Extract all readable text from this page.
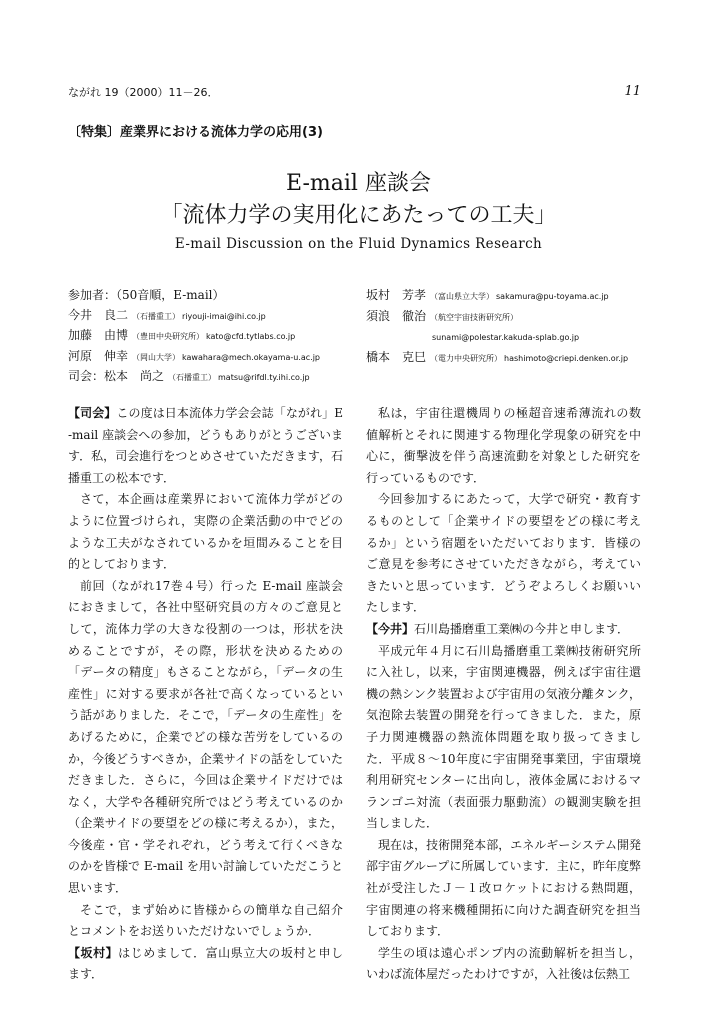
ながれ 19（2000）11－26．	11
〔特集〕産業界における流体力学の応用(3)
E-mail 座談会
「流体力学の実用化にあたっての工夫」
E-mail Discussion on the Fluid Dynamics Research
参加者：（50音順，E-mail）
今井　良二 （石播重工） riyouji-imai@ihi.co.jp
加藤　由博 （豊田中央研究所） kato@cfd.tytlabs.co.jp
河原　伸幸 （岡山大学） kawahara@mech.okayama-u.ac.jp
司会：松本　尚之 （石播重工） matsu@rifdl.ty.ihi.co.jp
坂村　芳孝 （富山県立大学） sakamura@pu-toyama.ac.jp
須浪　徹治 （航空宇宙技術研究所）
sunami@polestar.kakuda-splab.go.jp
橋本　克巳 （電力中央研究所） hashimoto@criepi.denken.or.jp

【司会】この度は日本流体力学会会誌「ながれ」E-mail 座談会への参加，どうもありがとうございます．私，司会進行をつとめさせていただきます，石播重工の松本です．

さて，本企画は産業界において流体力学がどのように位置づけられ，実際の企業活動の中でどのような工夫がなされているかを垣間みることを目的としております．

前回（ながれ17巻４号）行った E-mail 座談会におきまして，各社中堅研究員の方々のご意見として，流体力学の大きな役割の一つは，形状を決めることですが，その際，形状を決めるための「データの精度」もさることながら，「データの生産性」に対する要求が各社で高くなっているという話がありました．そこで，「データの生産性」をあげるために，企業でどの様な苦労をしているのか，今後どうすべきか，企業サイドの話をしていただきました．さらに，今回は企業サイドだけではなく，大学や各種研究所ではどう考えているのか（企業サイドの要望をどの様に考えるか），また，今後産・官・学それぞれ，どう考えて行くべきなのかを皆様で E-mail を用い討論していただこうと思います．

そこで，まず始めに皆様からの簡単な自己紹介とコメントをお送りいただけないでしょうか．

【坂村】はじめまして．富山県立大の坂村と申します．

私は，宇宙往還機周りの極超音速希薄流れの数値解析とそれに関連する物理化学現象の研究を中心に，衝撃波を伴う高速流動を対象とした研究を行っているものです．

今回参加するにあたって，大学で研究・教育するものとして「企業サイドの要望をどの様に考えるか」という宿題をいただいております．皆様のご意見を参考にさせていただきながら，考えていきたいと思っています．どうぞよろしくお願いいたします．

【今井】石川島播磨重工業㈱の今井と申します．

平成元年４月に石川島播磨重工業㈱技術研究所に入社し，以来，宇宙関連機器，例えば宇宙往還機の熱シンク装置および宇宙用の気液分離タンク，気泡除去装置の開発を行ってきました．また，原子力関連機器の熱流体問題を取り扱ってきました．平成８～10年度に宇宙開発事業団，宇宙環境利用研究センターに出向し，液体金属におけるマランゴニ対流（表面張力駆動流）の観測実験を担当しました．

現在は，技術開発本部，エネルギーシステム開発部宇宙グループに所属しています．主に，昨年度弊社が受注したＪ－１改ロケットにおける熱問題，宇宙関連の将来機種開拓に向けた調査研究を担当しております．

学生の頃は遠心ポンプ内の流動解析を担当し，いわば流体屋だったわけですが，入社後は伝熱工
